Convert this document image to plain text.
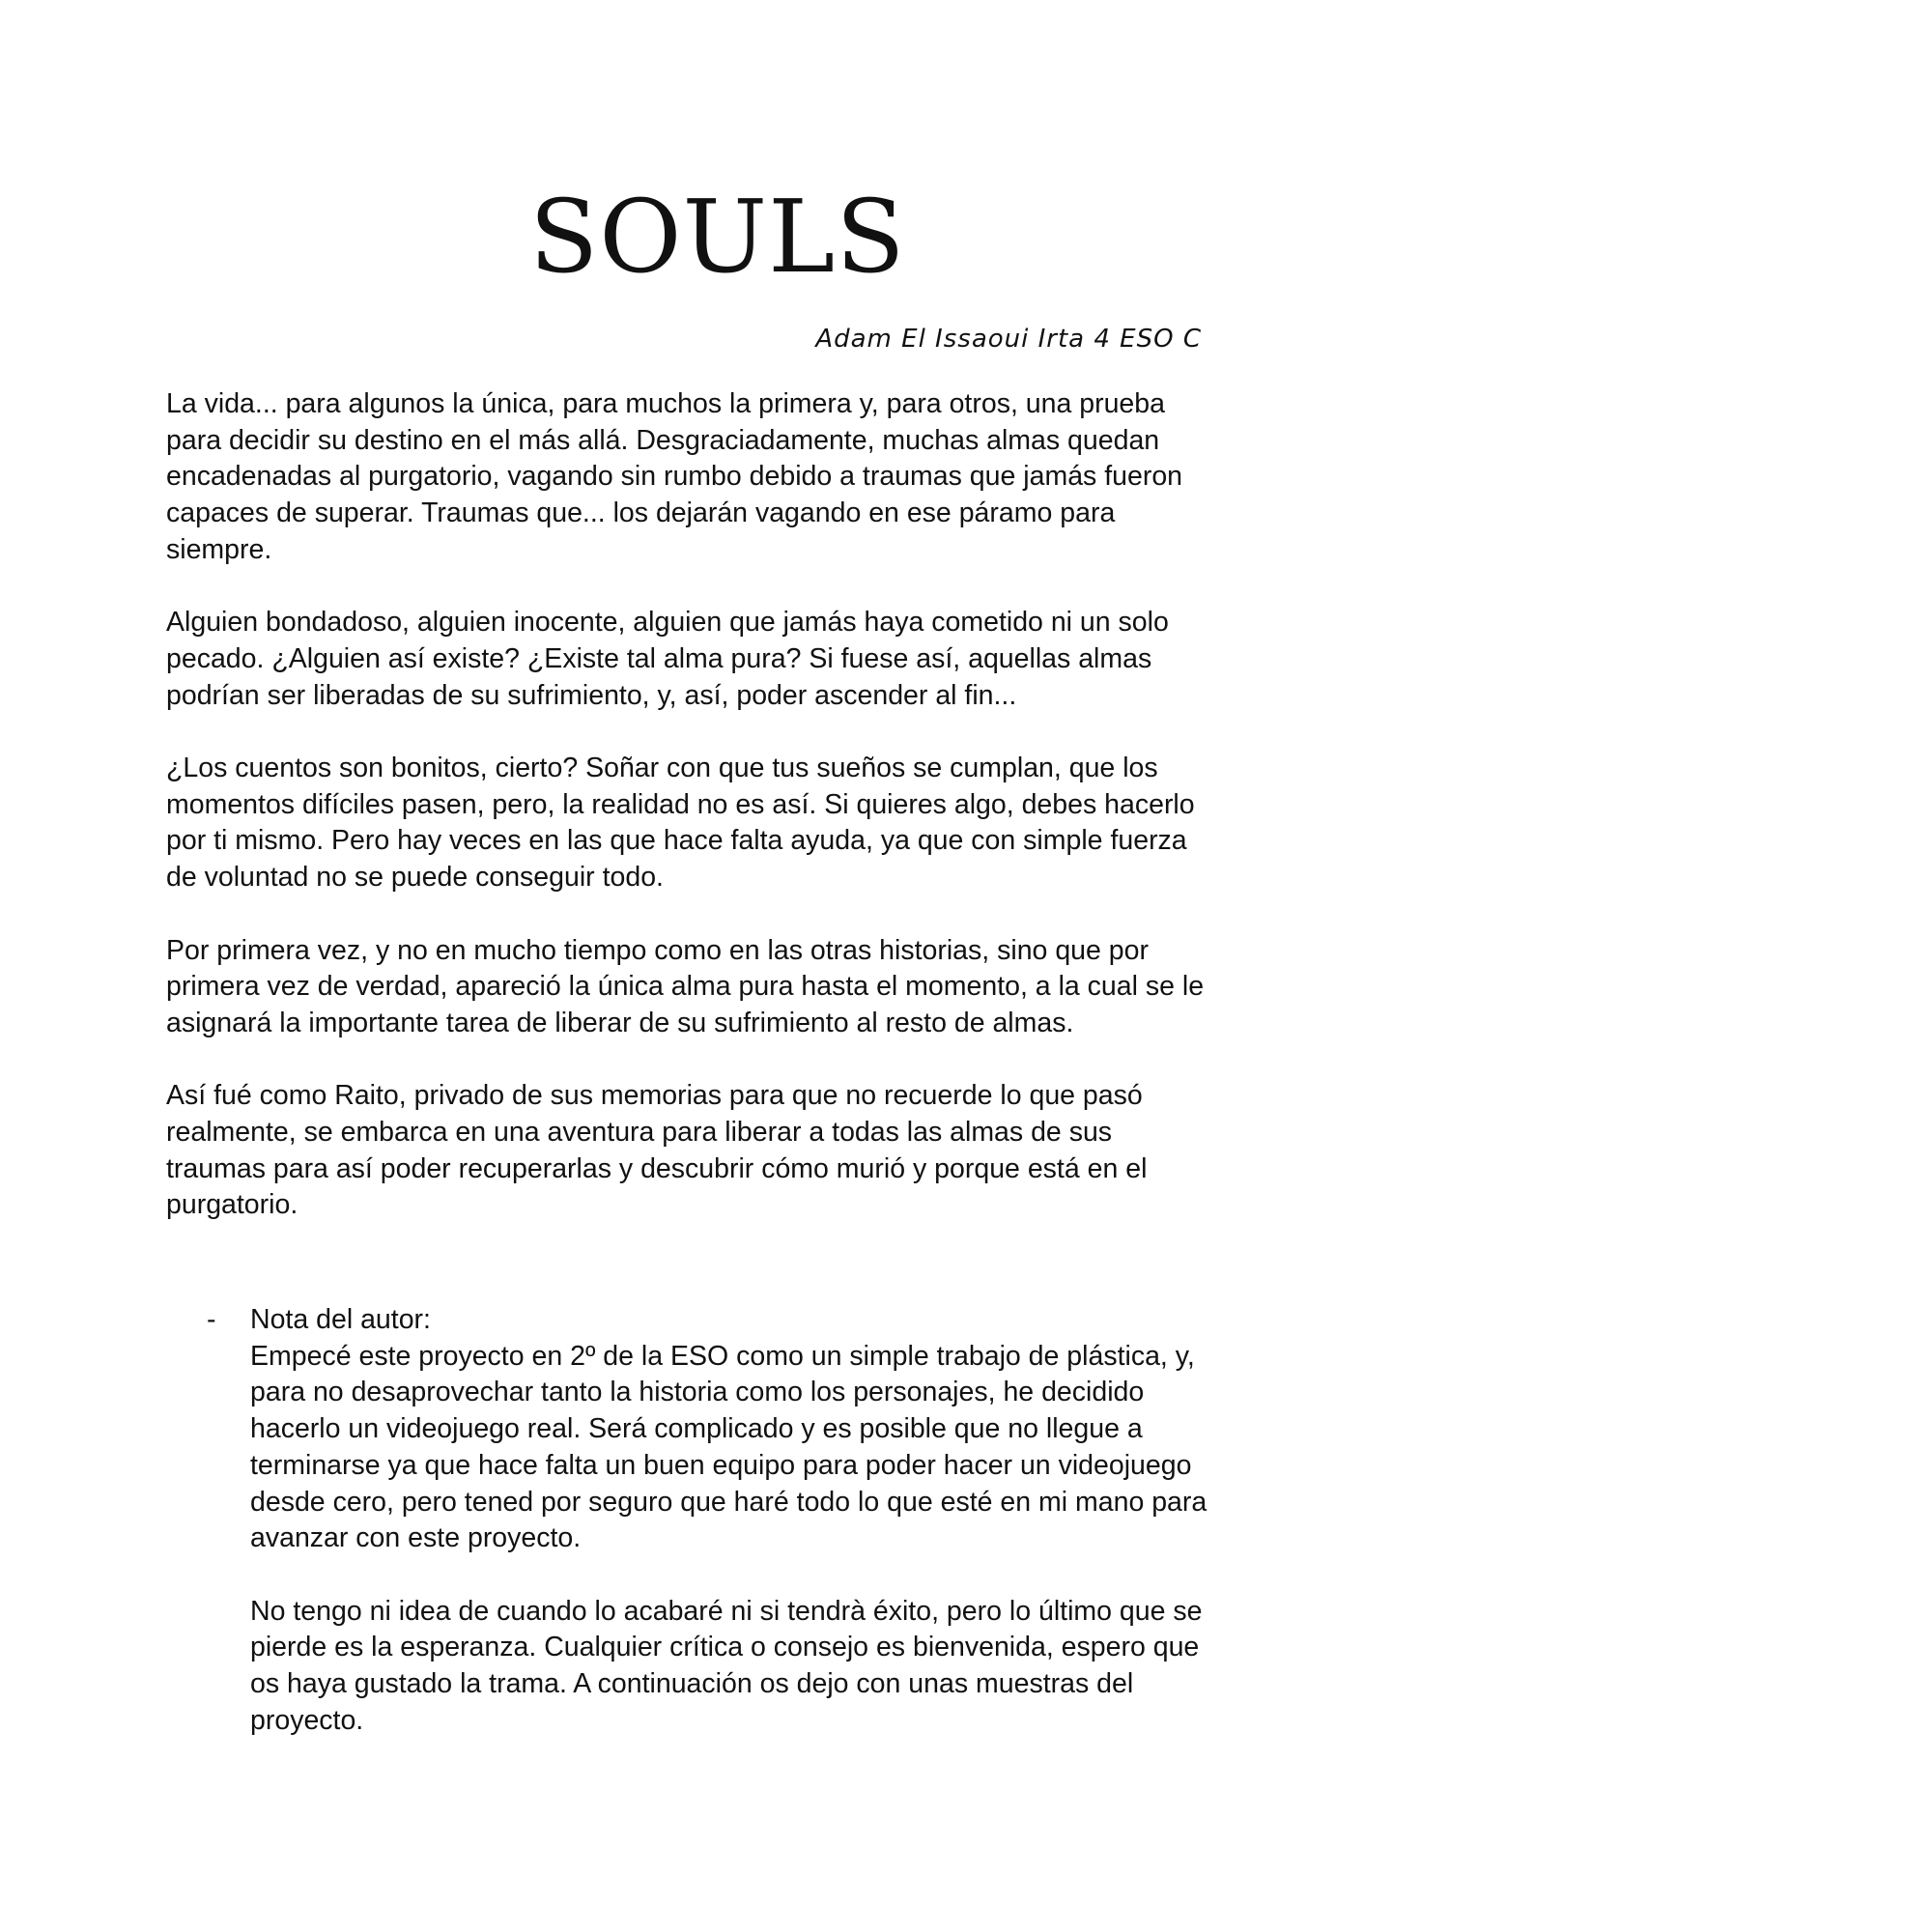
SOULS
Adam El Issaoui Irta 4 ESO C

La vida... para algunos la única, para muchos la primera y, para otros, una prueba para decidir su destino en el más allá. Desgraciadamente, muchas almas quedan encadenadas al purgatorio, vagando sin rumbo debido a traumas que jamás fueron capaces de superar. Traumas que... los dejarán vagando en ese páramo para siempre.

Alguien bondadoso, alguien inocente, alguien que jamás haya cometido ni un solo pecado. ¿Alguien así existe? ¿Existe tal alma pura? Si fuese así, aquellas almas podrían ser liberadas de su sufrimiento, y, así, poder ascender al fin...

¿Los cuentos son bonitos, cierto? Soñar con que tus sueños se cumplan, que los momentos difíciles pasen, pero, la realidad no es así. Si quieres algo, debes hacerlo por ti mismo. Pero hay veces en las que hace falta ayuda, ya que con simple fuerza de voluntad no se puede conseguir todo.

Por primera vez, y no en mucho tiempo como en las otras historias, sino que por primera vez de verdad, apareció la única alma pura hasta el momento, a la cual se le asignará la importante tarea de liberar de su sufrimiento al resto de almas.

Así fué como Raito, privado de sus memorias para que no recuerde lo que pasó realmente, se embarca en una aventura para liberar a todas las almas de sus traumas para así poder recuperarlas y descubrir cómo murió y porque está en el purgatorio.

- Nota del autor:

Empecé este proyecto en 2º de la ESO como un simple trabajo de plástica, y, para no desaprovechar tanto la historia como los personajes, he decidido hacerlo un videojuego real. Será complicado y es posible que no llegue a terminarse ya que hace falta un buen equipo para poder hacer un videojuego desde cero, pero tened por seguro que haré todo lo que esté en mi mano para avanzar con este proyecto.

No tengo ni idea de cuando lo acabaré ni si tendrà éxito, pero lo último que se pierde es la esperanza. Cualquier crítica o consejo es bienvenida, espero que os haya gustado la trama. A continuación os dejo con unas muestras del proyecto.
